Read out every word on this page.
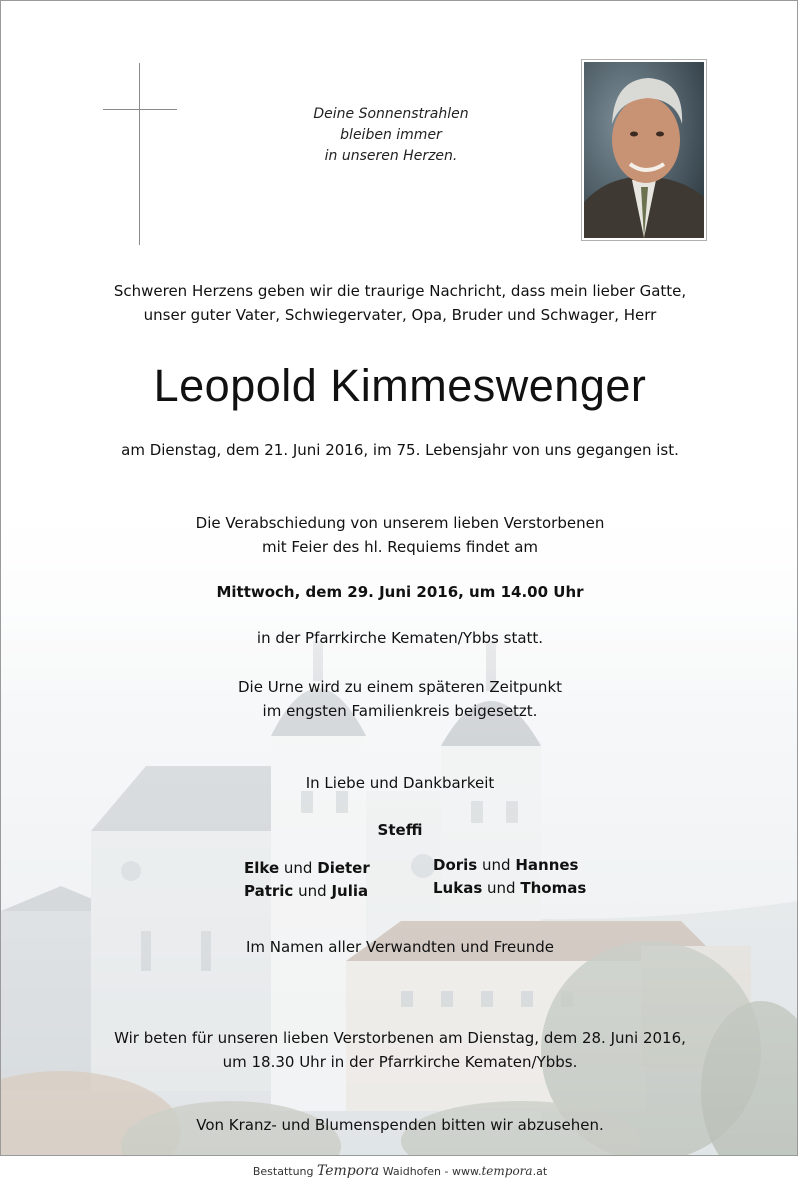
Deine Sonnenstrahlen
bleiben immer
in unseren Herzen.
Schweren Herzens geben wir die traurige Nachricht, dass mein lieber Gatte,
unser guter Vater, Schwiegervater, Opa, Bruder und Schwager, Herr
Leopold Kimmeswenger
am Dienstag, dem 21. Juni 2016, im 75. Lebensjahr von uns gegangen ist.
Die Verabschiedung von unserem lieben Verstorbenen
mit Feier des hl. Requiems findet am
Mittwoch, dem 29. Juni 2016, um 14.00 Uhr
in der Pfarrkirche Kematen/Ybbs statt.
Die Urne wird zu einem späteren Zeitpunkt
im engsten Familienkreis beigesetzt.
In Liebe und Dankbarkeit
Steffi
Elke und Dieter
Patric und Julia
Doris und Hannes
Lukas und Thomas
Im Namen aller Verwandten und Freunde
Wir beten für unseren lieben Verstorbenen am Dienstag, dem 28. Juni 2016,
um 18.30 Uhr in der Pfarrkirche Kematen/Ybbs.
Von Kranz- und Blumenspenden bitten wir abzusehen.
Bestattung Tempora Waidhofen - www.tempora.at
